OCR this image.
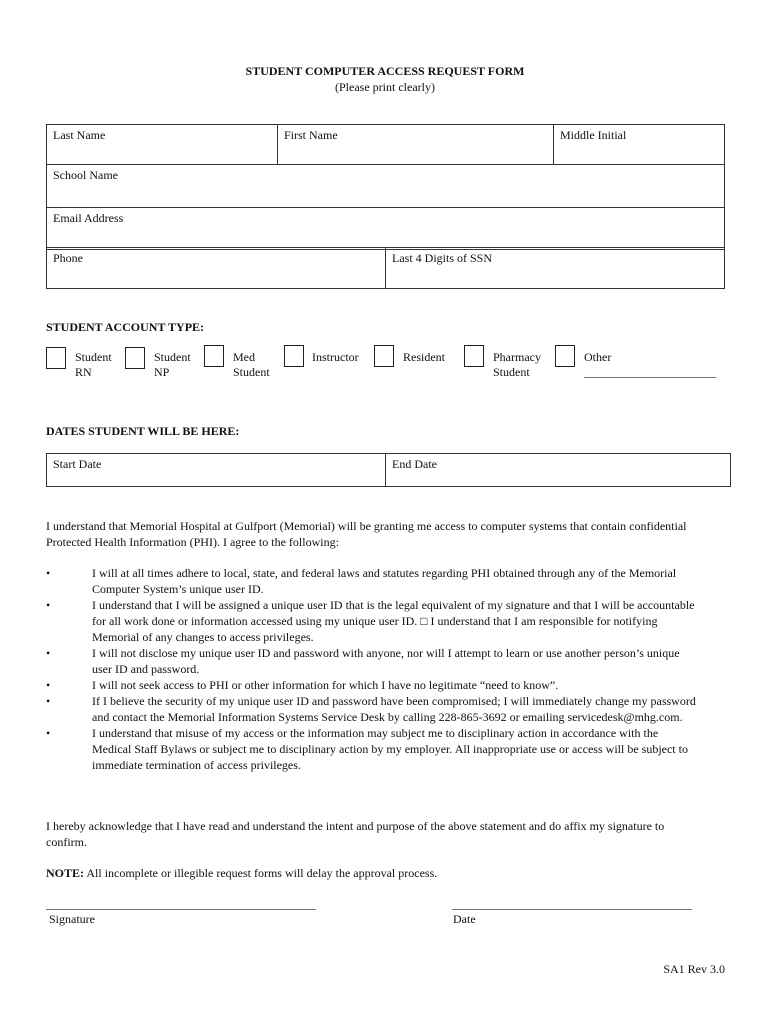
STUDENT COMPUTER ACCESS REQUEST FORM
(Please print clearly)
Last Name	First Name	Middle Initial
School Name
Email Address
Phone	Last 4 Digits of SSN
STUDENT ACCOUNT TYPE:
Student
RN
Student
NP
Med
Student
Instructor	Resident	Pharmacy
Student
Other
______________________
DATES STUDENT WILL BE HERE:
Start Date	End Date
I understand that Memorial Hospital at Gulfport (Memorial) will be granting me access to computer systems that contain confidential
Protected Health Information (PHI). I agree to the following:
•	I will at all times adhere to local, state, and federal laws and statutes regarding PHI obtained through any of the Memorial
Computer System’s unique user ID.
•	I understand that I will be assigned a unique user ID that is the legal equivalent of my signature and that I will be accountable
for all work done or information accessed using my unique user ID. □ I understand that I am responsible for notifying
Memorial of any changes to access privileges.
•	I will not disclose my unique user ID and password with anyone, nor will I attempt to learn or use another person’s unique
user ID and password.
•	I will not seek access to PHI or other information for which I have no legitimate “need to know”.
•	If I believe the security of my unique user ID and password have been compromised; I will immediately change my password
and contact the Memorial Information Systems Service Desk by calling 228-865-3692 or emailing servicedesk@mhg.com.
•	I understand that misuse of my access or the information may subject me to disciplinary action in accordance with the
Medical Staff Bylaws or subject me to disciplinary action by my employer. All inappropriate use or access will be subject to
immediate termination of access privileges.
I hereby acknowledge that I have read and understand the intent and purpose of the above statement and do affix my signature to
confirm.
NOTE: All incomplete or illegible request forms will delay the approval process.
_____________________________________________
Signature
________________________________________
Date
SA1 Rev 3.0
